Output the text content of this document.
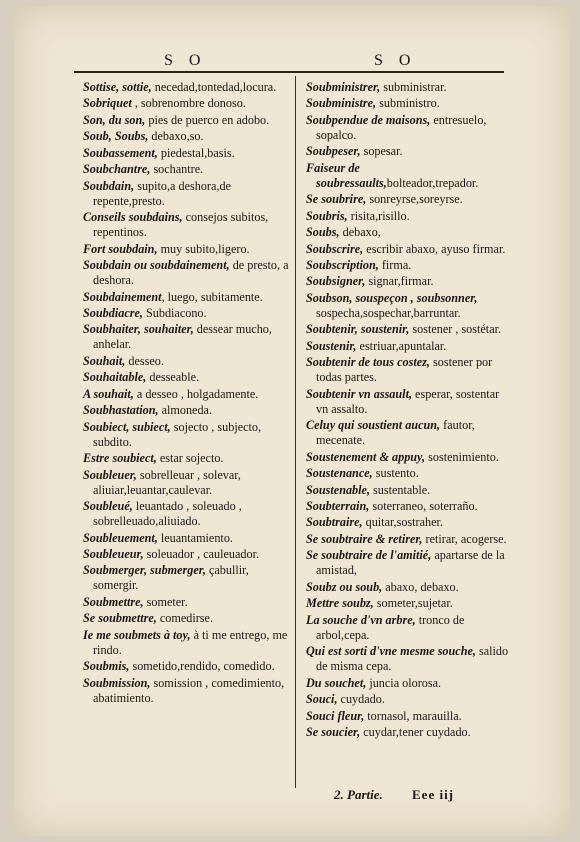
S O	S O

Sottise, sottie, necedad,tontedad,locura.

Sobriquet , sobrenombre donoso.

Son, du son, pies de puerco en adobo.

Soub, Soubs, debaxo,so.

Soubassement, piedestal,basis.

Soubchantre, sochantre.

Soubdain, supito,a deshora,de repente,presto.

Conseils soubdains, consejos subitos, repentinos.

Fort soubdain, muy subito,ligero.

Soubdain ou soubdainement, de presto, a deshora.

Soubdainement, luego, subitamente.

Soubdiacre, Subdiacono.

Soubhaiter, souhaiter, dessear mucho, anhelar.

Souhait, desseo.

Souhaitable, desseable.

A souhait, a desseo , holgadamente.

Soubhastation, almoneda.

Soubiect, subiect, sojecto , subjecto, subdito.

Estre soubiect, estar sojecto.

Soubleuer, sobrelleuar , solevar, aliuiar,leuantar,caulevar.

Soubleué, leuantado , soleuado , sobrelleuado,aliuiado.

Soubleuement, leuantamiento.

Soubleueur, soleuador , cauleuador.

Soubmerger, submerger, çabullir, somergir.

Soubmettre, someter.

Se soubmettre, comedirse.

Ie me soubmets à toy, à ti me entrego, me rindo.

Soubmis, sometido,rendido, comedido.

Soubmission, somission , comedimiento, abatimiento.

Soubministrer, subministrar.

Soubministre, subministro.

Soubpendue de maisons, entresuelo, sopalco.

Soubpeser, sopesar.

Faiseur de soubressaults,bolteador,trepador.

Se soubrire, sonreyrse,soreyrse.

Soubris, risita,risillo.

Soubs, debaxo,

Soubscrire, escribir abaxo, ayuso firmar.

Soubscription, firma.

Soubsigner, signar,firmar.

Soubson, souspeçon , soubsonner, sospecha,sospechar,barruntar.

Soubtenir, soustenir, sostener , sostétar.

Soustenir, estriuar,apuntalar.

Soubtenir de tous costez, sostener por todas partes.

Soubtenir vn assault, esperar, sostentar vn assalto.

Celuy qui soustient aucun, fautor, mecenate.

Soustenement & appuy, sostenimiento.

Soustenance, sustento.

Soustenable, sustentable.

Soubterrain, soterraneo, soterraño.

Soubtraire, quitar,sostraher.

Se soubtraire & retirer, retirar, acogerse.

Se soubtraire de l'amitié, apartarse de la amistad,

Soubz ou soub, abaxo, debaxo.

Mettre soubz, someter,sujetar.

La souche d'vn arbre, tronco de arbol,cepa.

Qui est sorti d'vne mesme souche, salido de misma cepa.

Du souchet, juncia olorosa.

Souci, cuydado.

Souci fleur, tornasol, marauilla.

Se soucier, cuydar,tener cuydado.

2. Partie. Eee iij
